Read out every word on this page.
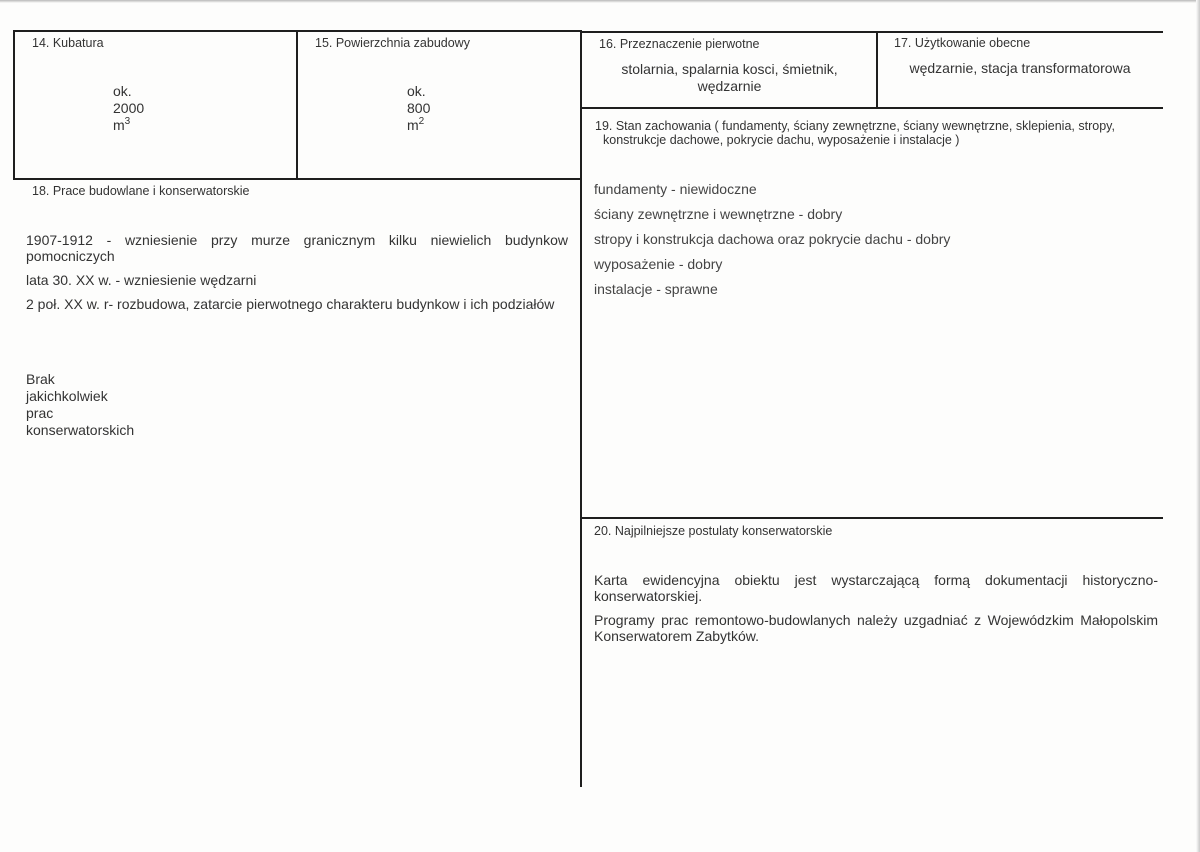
14. Kubatura
ok. 2000  $m^3$
15. Powierzchnia zabudowy
ok. 800  $m^2$
16. Przeznaczenie pierwotne
stolarnia, spalarnia kosci, śmietnik,
wędzarnie
17. Użytkowanie obecne
wędzarnie, stacja transformatorowa
18. Prace budowlane i konserwatorskie

1907-1912 - wzniesienie przy murze granicznym kilku niewielich budynkow pomocniczych

lata 30. XX w. - wzniesienie wędzarni

2 poł. XX w. r- rozbudowa, zatarcie pierwotnego charakteru budynkow i ich podziałów

Brak jakichkolwiek prac konserwatorskich
19. Stan zachowania ( fundamenty, ściany zewnętrzne, ściany wewnętrzne, sklepienia, stropy,
konstrukcje dachowe, pokrycie dachu, wyposażenie i instalacje )

fundamenty - niewidoczne

ściany zewnętrzne i wewnętrzne - dobry

stropy i konstrukcja dachowa oraz pokrycie dachu - dobry

wyposażenie - dobry

instalacje - sprawne

20. Najpilniejsze postulaty konserwatorskie

Karta ewidencyjna obiektu jest wystarczającą formą dokumentacji historyczno-konserwatorskiej.

Programy prac remontowo-budowlanych należy uzgadniać z Wojewódzkim Małopolskim Konserwatorem Zabytków.
